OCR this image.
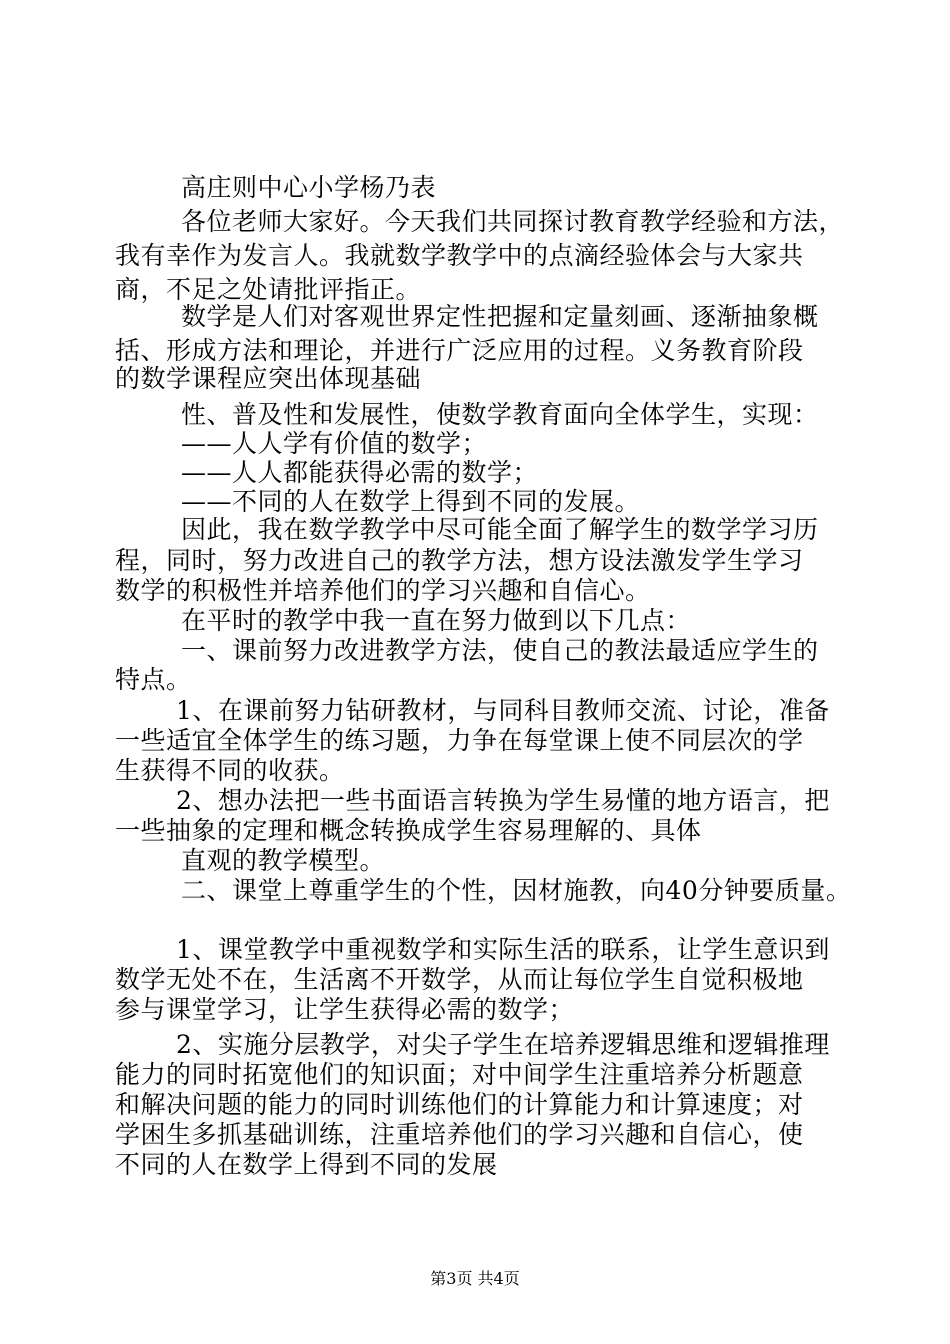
高庄则中心小学杨乃表
各位老师大家好。今天我们共同探讨教育教学经验和方法，
我有幸作为发言人。我就数学教学中的点滴经验体会与大家共
商，不足之处请批评指正。
数学是人们对客观世界定性把握和定量刻画、逐渐抽象概
括、形成方法和理论，并进行广泛应用的过程。义务教育阶段
的数学课程应突出体现基础
性、普及性和发展性，使数学教育面向全体学生，实现：
——人人学有价值的数学；
——人人都能获得必需的数学；
——不同的人在数学上得到不同的发展。
因此，我在数学教学中尽可能全面了解学生的数学学习历
程，同时，努力改进自己的教学方法，想方设法激发学生学习
数学的积极性并培养他们的学习兴趣和自信心。
在平时的教学中我一直在努力做到以下几点：
一、课前努力改进教学方法，使自己的教法最适应学生的
特点。
1、在课前努力钻研教材，与同科目教师交流、讨论，准备
一些适宜全体学生的练习题，力争在每堂课上使不同层次的学
生获得不同的收获。
2、想办法把一些书面语言转换为学生易懂的地方语言，把
一些抽象的定理和概念转换成学生容易理解的、具体
直观的教学模型。
二、课堂上尊重学生的个性，因材施教，向40分钟要质量。
1、课堂教学中重视数学和实际生活的联系，让学生意识到
数学无处不在，生活离不开数学，从而让每位学生自觉积极地
参与课堂学习，让学生获得必需的数学；
2、实施分层教学，对尖子学生在培养逻辑思维和逻辑推理
能力的同时拓宽他们的知识面；对中间学生注重培养分析题意
和解决问题的能力的同时训练他们的计算能力和计算速度；对
学困生多抓基础训练，注重培养他们的学习兴趣和自信心，使
不同的人在数学上得到不同的发展
第3页 共4页
